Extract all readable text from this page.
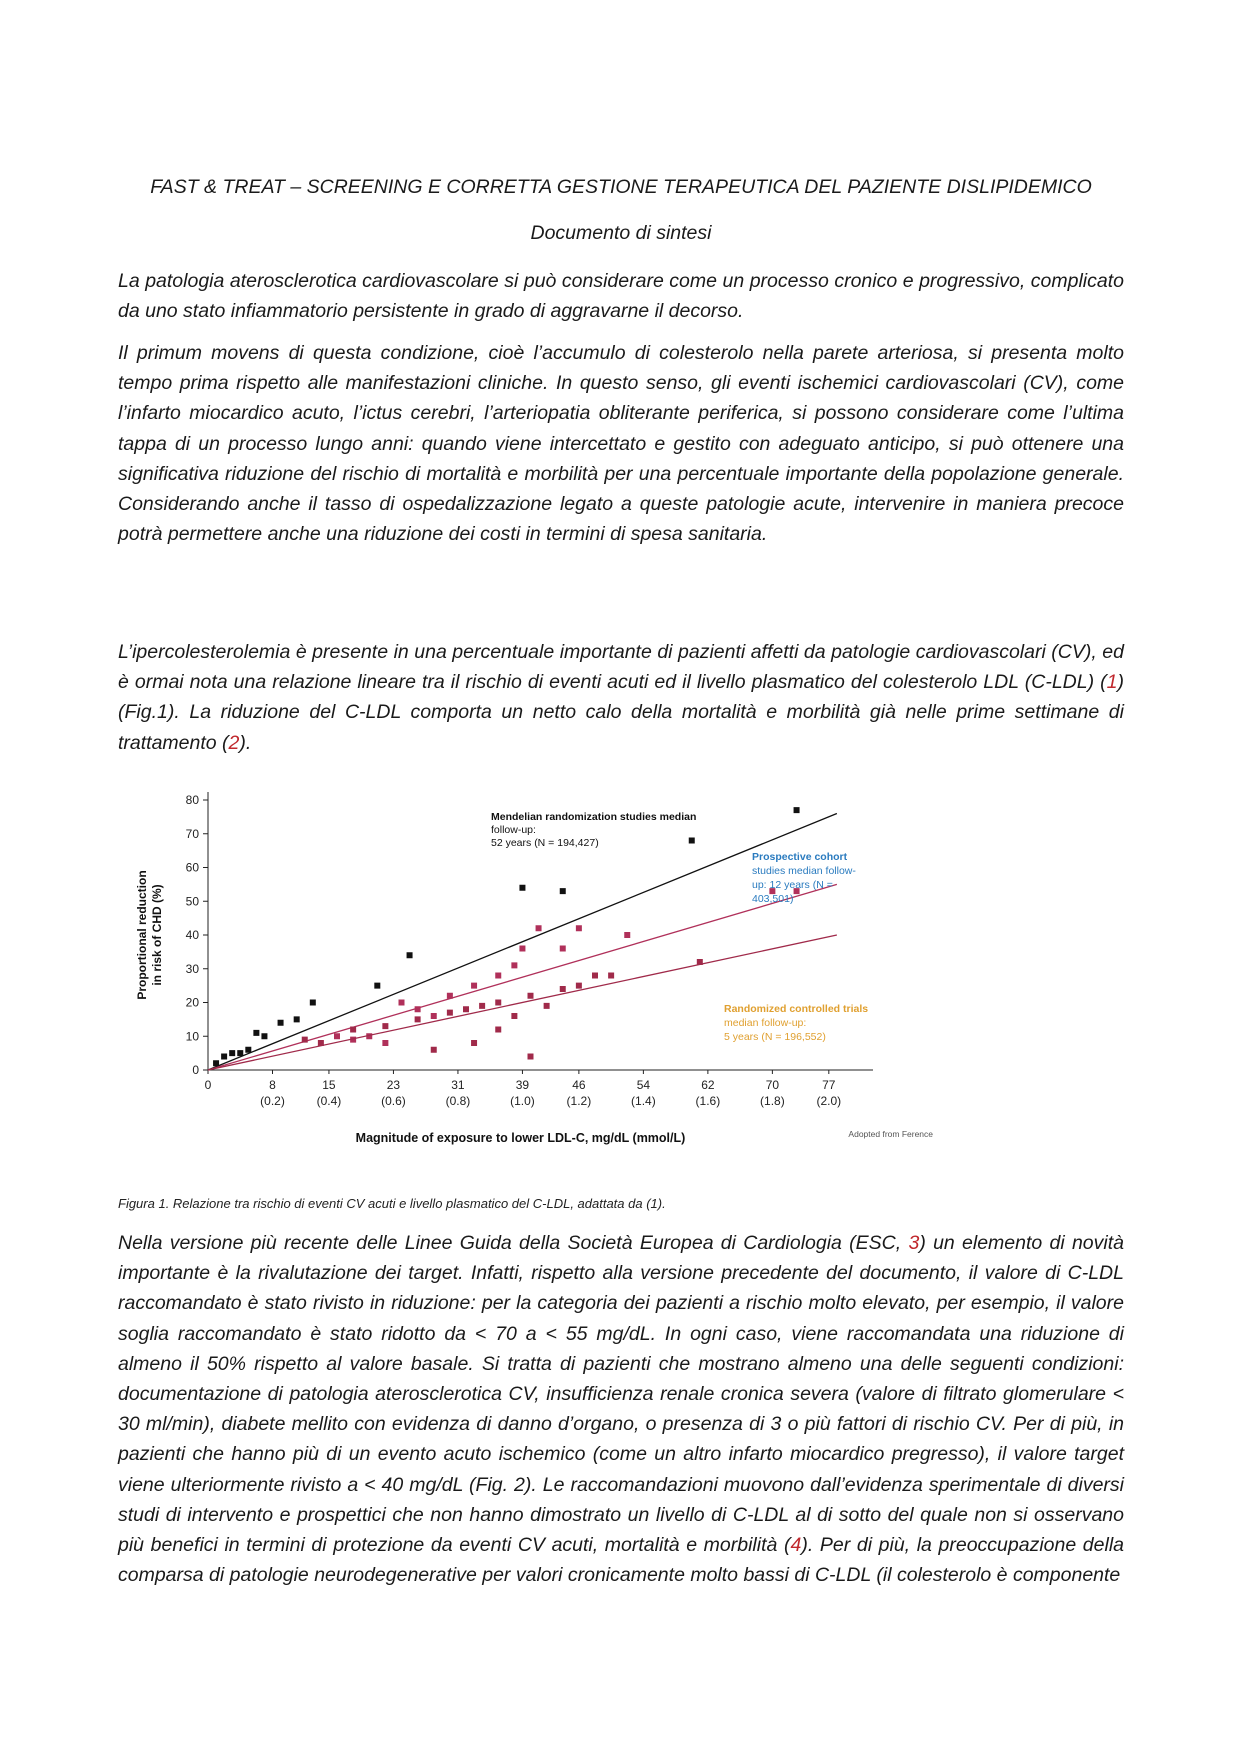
FAST & TREAT – SCREENING E CORRETTA GESTIONE TERAPEUTICA DEL PAZIENTE DISLIPIDEMICO

Documento di sintesi

La patologia aterosclerotica cardiovascolare si può considerare come un processo cronico e progressivo, complicato da uno stato infiammatorio persistente in grado di aggravarne il decorso.

Il primum movens di questa condizione, cioè l’accumulo di colesterolo nella parete arteriosa, si presenta molto tempo prima rispetto alle manifestazioni cliniche. In questo senso, gli eventi ischemici cardiovascolari (CV), come l’infarto miocardico acuto, l’ictus cerebri, l’arteriopatia obliterante periferica, si possono considerare come l’ultima tappa di un processo lungo anni: quando viene intercettato e gestito con adeguato anticipo, si può ottenere una significativa riduzione del rischio di mortalità e morbilità per una percentuale importante della popolazione generale. Considerando anche il tasso di ospedalizzazione legato a queste patologie acute, intervenire in maniera precoce potrà permettere anche una riduzione dei costi in termini di spesa sanitaria.

L’ipercolesterolemia è presente in una percentuale importante di pazienti affetti da patologie cardiovascolari (CV), ed è ormai nota una relazione lineare tra il rischio di eventi acuti ed il livello plasmatico del colesterolo LDL (C-LDL) (1) (Fig.1). La riduzione del C-LDL comporta un netto calo della mortalità e morbilità già nelle prime settimane di trattamento (2).

0
10
20
30
40
50
60
70
80
0	8
(0.2)
15
(0.4)
23
(0.6)
31
(0.8)
39
(1.0)
46
(1.2)
54
(1.4)
62
(1.6)
70
(1.8)
77
(2.0)
Proportional reduction in risk of CHD (%)
Magnitude of exposure to lower LDL-C, mg/dL (mmol/L)	Adopted from Ference
Mendelian randomization studies median
follow-up:
52 years (N = 194,427)
Prospective cohort
studies median follow-
up: 12 years (N =
403,501)
Randomized controlled trials
median follow-up:
5 years (N = 196,552)

Figura 1. Relazione tra rischio di eventi CV acuti e livello plasmatico del C-LDL, adattata da (1).

Nella versione più recente delle Linee Guida della Società Europea di Cardiologia (ESC, 3) un elemento di novità importante è la rivalutazione dei target. Infatti, rispetto alla versione precedente del documento, il valore di C-LDL raccomandato è stato rivisto in riduzione: per la categoria dei pazienti a rischio molto elevato, per esempio, il valore soglia raccomandato è stato ridotto da < 70 a < 55 mg/dL. In ogni caso, viene raccomandata una riduzione di almeno il 50% rispetto al valore basale. Si tratta di pazienti che mostrano almeno una delle seguenti condizioni: documentazione di patologia aterosclerotica CV, insufficienza renale cronica severa (valore di filtrato glomerulare < 30 ml/min), diabete mellito con evidenza di danno d’organo, o presenza di 3 o più fattori di rischio CV. Per di più, in pazienti che hanno più di un evento acuto ischemico (come un altro infarto miocardico pregresso), il valore target viene ulteriormente rivisto a < 40 mg/dL (Fig. 2). Le raccomandazioni muovono dall’evidenza sperimentale di diversi studi di intervento e prospettici che non hanno dimostrato un livello di C-LDL al di sotto del quale non si osservano più benefici in termini di protezione da eventi CV acuti, mortalità e morbilità (4). Per di più, la preoccupazione della comparsa di patologie neurodegenerative per valori cronicamente molto bassi di C-LDL (il colesterolo è componente
